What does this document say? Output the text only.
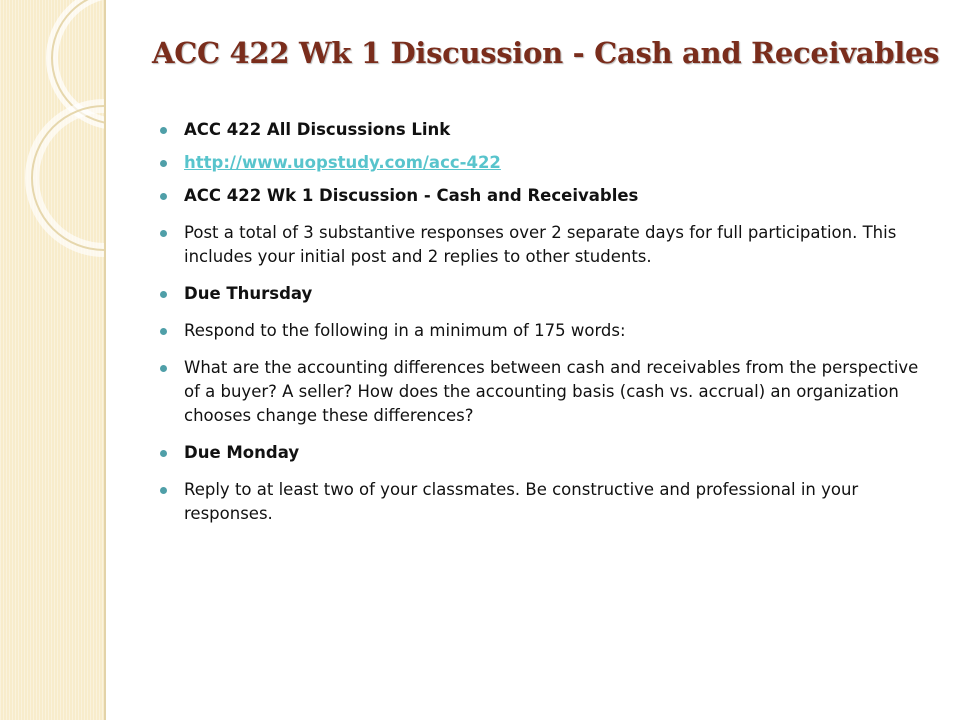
ACC 422 Wk 1 Discussion - Cash and Receivables
ACC 422 All Discussions Link
http://www.uopstudy.com/acc-422
ACC 422 Wk 1 Discussion - Cash and Receivables
Post a total of 3 substantive responses over 2 separate days for full participation. This includes your initial post and 2 replies to other students.
Due Thursday
Respond to the following in a minimum of 175 words:
What are the accounting differences between cash and receivables from the perspective of a buyer? A seller? How does the accounting basis (cash vs. accrual) an organization chooses change these differences?
Due Monday
Reply to at least two of your classmates. Be constructive and professional in your responses.
